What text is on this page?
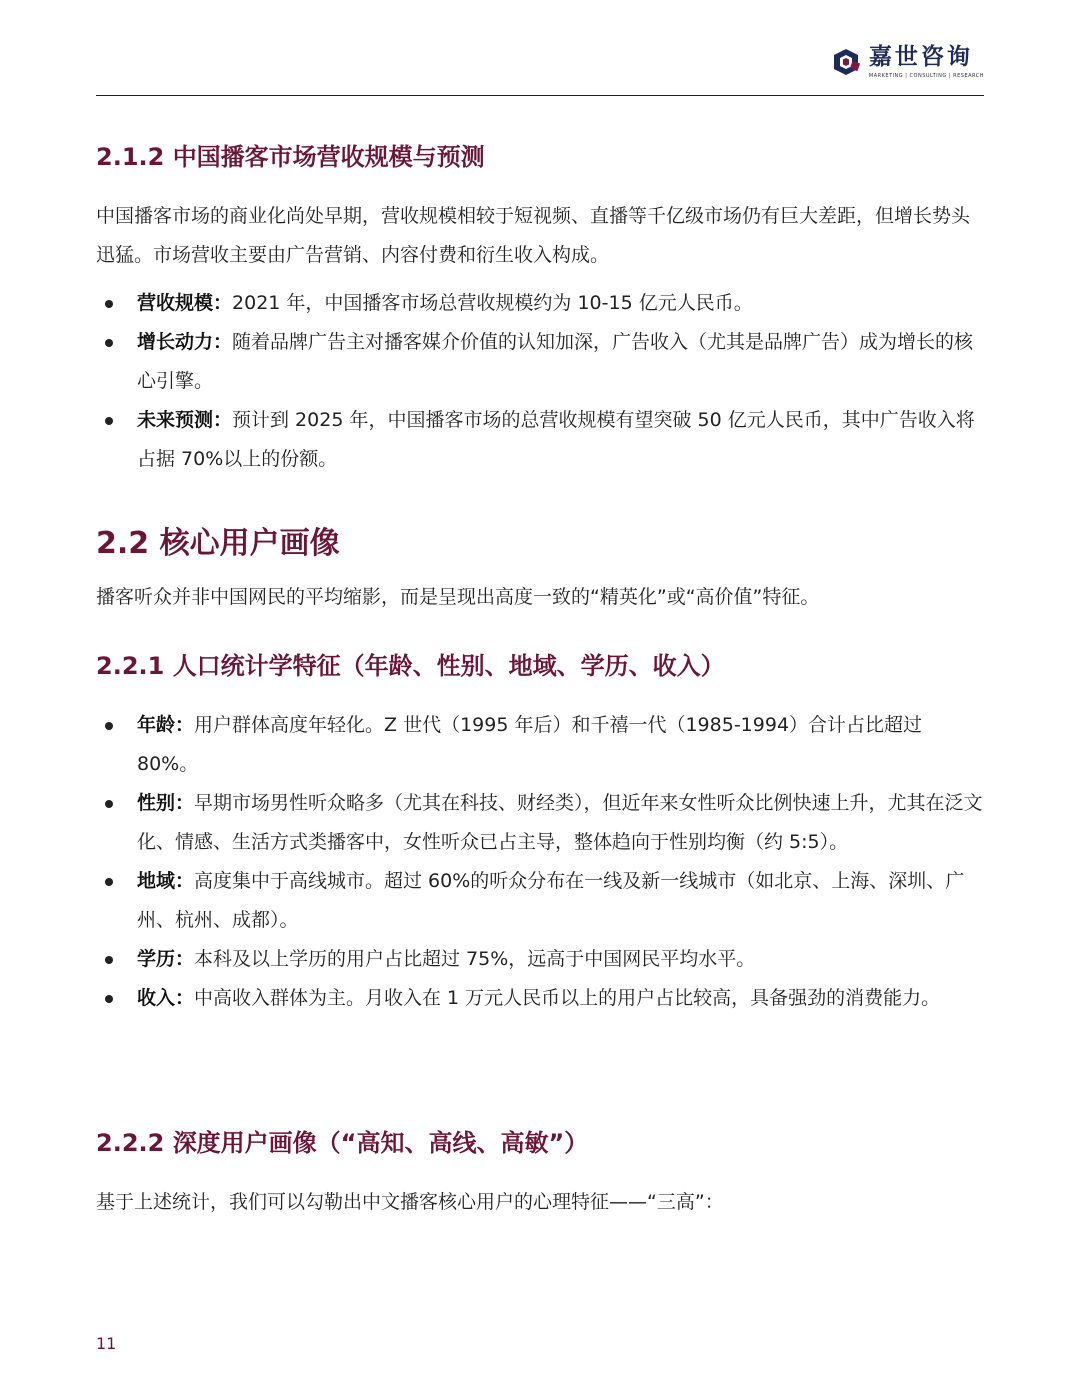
嘉世咨询
MARKETING | CONSULTING | RESEARCH
2.1.2 中国播客市场营收规模与预测
中国播客市场的商业化尚处早期，营收规模相较于短视频、直播等千亿级市场仍有巨大差距，但增长势头迅猛。市场营收主要由广告营销、内容付费和衍生收入构成。
营收规模：2021 年，中国播客市场总营收规模约为 10-15 亿元人民币。
增长动力：随着品牌广告主对播客媒介价值的认知加深，广告收入（尤其是品牌广告）成为增长的核心引擎。
未来预测：预计到 2025 年，中国播客市场的总营收规模有望突破 50 亿元人民币，其中广告收入将占据 70%以上的份额。
2.2 核心用户画像
播客听众并非中国网民的平均缩影，而是呈现出高度一致的“精英化”或“高价值”特征。
2.2.1 人口统计学特征（年龄、性别、地域、学历、收入）
年龄：用户群体高度年轻化。Z 世代（1995 年后）和千禧一代（1985-1994）合计占比超过 80%。
性别：早期市场男性听众略多（尤其在科技、财经类），但近年来女性听众比例快速上升，尤其在泛文化、情感、生活方式类播客中，女性听众已占主导，整体趋向于性别均衡（约 5:5）。
地域：高度集中于高线城市。超过 60%的听众分布在一线及新一线城市（如北京、上海、深圳、广州、杭州、成都）。
学历：本科及以上学历的用户占比超过 75%，远高于中国网民平均水平。
收入：中高收入群体为主。月收入在 1 万元人民币以上的用户占比较高，具备强劲的消费能力。
2.2.2 深度用户画像（“高知、高线、高敏”）
基于上述统计，我们可以勾勒出中文播客核心用户的心理特征——“三高”：
11
